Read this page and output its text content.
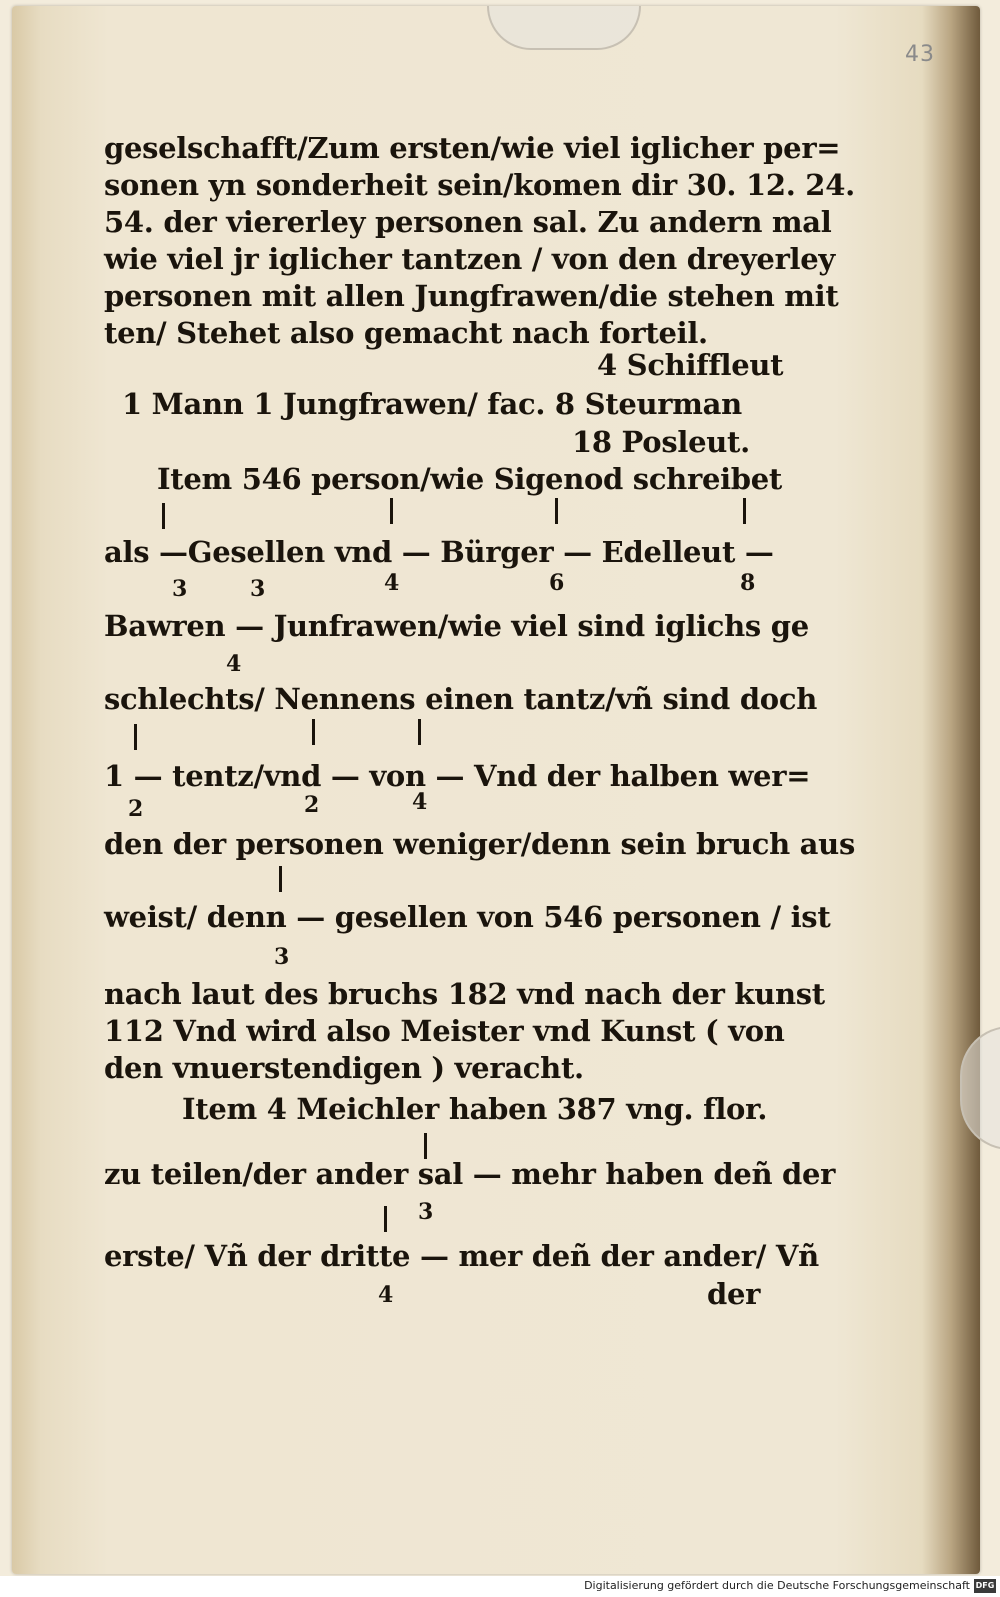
43
geselschafft/Zum ersten/wie viel iglicher per=
sonen yn sonderheit sein/komen dir 30. 12. 24.
54. der viererley personen sal. Zu andern mal
wie viel jr iglicher tantzen / von den dreyerley
personen mit allen Jungfrawen/die stehen mit
ten/ Stehet also gemacht nach forteil.
4 Schiffleut
1 Mann 1 Jungfrawen/ fac. 8 Steurman
18 Posleut.
Item 546 person/wie Sigenod schreibet
als —Gesellen vnd — Bürger — Edelleut —
3	3	4	6	8
Bawren — Junfrawen/wie viel sind iglichs ge
4
schlechts/ Nennens einen tantz/vñ sind doch
1 — tentz/vnd — von — Vnd der halben wer=
2	2	4
den der personen weniger/denn sein bruch aus
weist/ denn — gesellen von 546 personen / ist
3
nach laut des bruchs 182 vnd nach der kunst
112 Vnd wird also Meister vnd Kunst ( von
den vnuerstendigen ) veracht.
Item 4 Meichler haben 387 vng. flor.
zu teilen/der ander sal — mehr haben deñ der
3
erste/ Vñ der dritte — mer deñ der ander/ Vñ
4	der
Digitalisierung gefördert durch die Deutsche Forschungsgemeinschaft DFG
